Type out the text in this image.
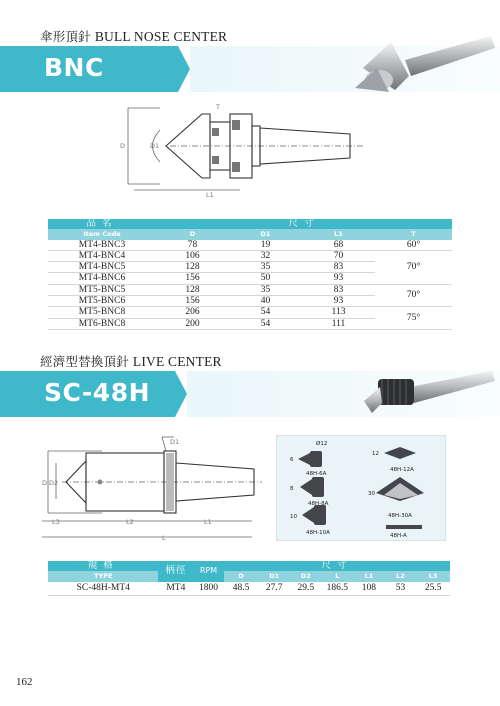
傘形頂針 BULL NOSE CENTER
BNC
D	D1
L1
T
品名	尺寸			
Item Code	D	D1	L1	T
MT4-BNC3	78	19	68	60°
MT4-BNC4	106	32	70	70°
MT4-BNC5	128	35	83	
MT4-BNC6	156	50	93	
MT5-BNC5	128	35	83	70°
MT5-BNC6	156	40	93	
MT5-BNC8	206	54	113	75°
MT6-BNC8	200	54	111	
經濟型替換頂針 LIVE CENTER
SC-48H
D1
D D2
L3	L2	L1
L
Ø12
6
48H-6A
8
48H-8A
10
48H-10A
12
48H-12A
30
48H-30A
48H-A
規格	柄徑	RPM	尺寸						
TYPE			D	D1	D2	L	L1	L2	L3
SC-48H-MT4	MT4	1800	48.5	27.7	29.5	186.5	108	53	25.5
162
